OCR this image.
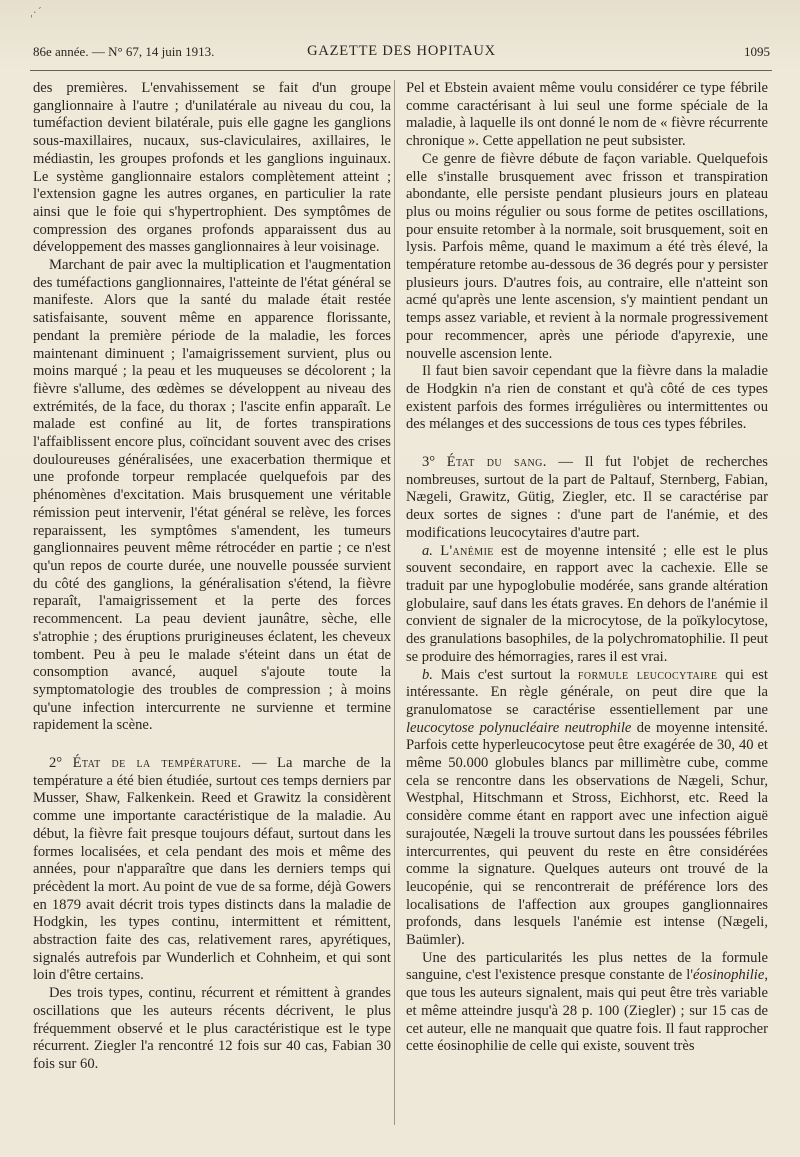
86e année. — N° 67, 14 juin 1913.	GAZETTE DES HOPITAUX	1095
ˌ·´

des premières. L'envahissement se fait d'un groupe ganglionnaire à l'autre ; d'unilatérale au niveau du cou, la tuméfaction devient bilatérale, puis elle gagne les ganglions sous-maxillaires, nucaux, sus-claviculaires, axillaires, le médiastin, les groupes profonds et les ganglions inguinaux. Le système ganglionnaire estalors complètement atteint ; l'extension gagne les autres organes, en particulier la rate ainsi que le foie qui s'hypertrophient. Des symptômes de compression des organes profonds apparaissent dus au développement des masses ganglionnaires à leur voisinage.

Marchant de pair avec la multiplication et l'augmentation des tuméfactions ganglionnaires, l'atteinte de l'état général se manifeste. Alors que la santé du malade était restée satisfaisante, souvent même en apparence florissante, pendant la première période de la maladie, les forces maintenant diminuent ; l'amaigrissement survient, plus ou moins marqué ; la peau et les muqueuses se décolorent ; la fièvre s'allume, des œdèmes se développent au niveau des extrémités, de la face, du thorax ; l'ascite enfin apparaît. Le malade est confiné au lit, de fortes transpirations l'affaiblissent encore plus, coïncidant souvent avec des crises douloureuses généralisées, une exacerbation thermique et une profonde torpeur remplacée quelquefois par des phénomènes d'excitation. Mais brusquement une véritable rémission peut intervenir, l'état général se relève, les forces reparaissent, les symptômes s'amendent, les tumeurs ganglionnaires peuvent même rétrocéder en partie ; ce n'est qu'un repos de courte durée, une nouvelle poussée survient du côté des ganglions, la généralisation s'étend, la fièvre reparaît, l'amaigrissement et la perte des forces recommencent. La peau devient jaunâtre, sèche, elle s'atrophie ; des éruptions prurigineuses éclatent, les cheveux tombent. Peu à peu le malade s'éteint dans un état de consomption avancé, auquel s'ajoute toute la symptomatologie des troubles de compression ; à moins qu'une infection intercurrente ne survienne et termine rapidement la scène.

2° État de la température. — La marche de la température a été bien étudiée, surtout ces temps derniers par Musser, Shaw, Falkenkein. Reed et Grawitz la considèrent comme une importante caractéristique de la maladie. Au début, la fièvre fait presque toujours défaut, surtout dans les formes localisées, et cela pendant des mois et même des années, pour n'apparaître que dans les derniers temps qui précèdent la mort. Au point de vue de sa forme, déjà Gowers en 1879 avait décrit trois types distincts dans la maladie de Hodgkin, les types continu, intermittent et rémittent, abstraction faite des cas, relativement rares, apyrétiques, signalés autrefois par Wunderlich et Cohnheim, et qui sont loin d'être certains.

Des trois types, continu, récurrent et rémittent à grandes oscillations que les auteurs récents décrivent, le plus fréquemment observé et le plus caractéristique est le type récurrent. Ziegler l'a rencontré 12 fois sur 40 cas, Fabian 30 fois sur 60.

Pel et Ebstein avaient même voulu considérer ce type fébrile comme caractérisant à lui seul une forme spéciale de la maladie, à laquelle ils ont donné le nom de « fièvre récurrente chronique ». Cette appellation ne peut subsister.

Ce genre de fièvre débute de façon variable. Quelquefois elle s'installe brusquement avec frisson et transpiration abondante, elle persiste pendant plusieurs jours en plateau plus ou moins régulier ou sous forme de petites oscillations, pour ensuite retomber à la normale, soit brusquement, soit en lysis. Parfois même, quand le maximum a été très élevé, la température retombe au-dessous de 36 degrés pour y persister plusieurs jours. D'autres fois, au contraire, elle n'atteint son acmé qu'après une lente ascension, s'y maintient pendant un temps assez variable, et revient à la normale progressivement pour recommencer, après une période d'apyrexie, une nouvelle ascension lente.

Il faut bien savoir cependant que la fièvre dans la maladie de Hodgkin n'a rien de constant et qu'à côté de ces types existent parfois des formes irrégulières ou intermittentes ou des mélanges et des successions de tous ces types fébriles.

3° État du sang. — Il fut l'objet de recherches nombreuses, surtout de la part de Paltauf, Sternberg, Fabian, Nægeli, Grawitz, Gütig, Ziegler, etc. Il se caractérise par deux sortes de signes : d'une part de l'anémie, et des modifications leucocytaires d'autre part.

a. L'anémie est de moyenne intensité ; elle est le plus souvent secondaire, en rapport avec la cachexie. Elle se traduit par une hypoglobulie modérée, sans grande altération globulaire, sauf dans les états graves. En dehors de l'anémie il convient de signaler de la microcytose, de la poïkylocytose, des granulations basophiles, de la polychromatophilie. Il peut se produire des hémorragies, rares il est vrai.

b. Mais c'est surtout la formule leucocytaire qui est intéressante. En règle générale, on peut dire que la granulomatose se caractérise essentiellement par une leucocytose polynucléaire neutrophile de moyenne intensité. Parfois cette hyperleucocytose peut être exagérée de 30, 40 et même 50.000 globules blancs par millimètre cube, comme cela se rencontre dans les observations de Nægeli, Schur, Westphal, Hitschmann et Stross, Eichhorst, etc. Reed la considère comme étant en rapport avec une infection aiguë surajoutée, Nægeli la trouve surtout dans les poussées fébriles intercurrentes, qui peuvent du reste en être considérées comme la signature. Quelques auteurs ont trouvé de la leucopénie, qui se rencontrerait de préférence lors des localisations de l'affection aux groupes ganglionnaires profonds, dans lesquels l'anémie est intense (Nægeli, Baümler).

Une des particularités les plus nettes de la formule sanguine, c'est l'existence presque constante de l'éosinophilie, que tous les auteurs signalent, mais qui peut être très variable et même atteindre jusqu'à 28 p. 100 (Ziegler) ; sur 15 cas de cet auteur, elle ne manquait que quatre fois. Il faut rapprocher cette éosinophilie de celle qui existe, souvent très
